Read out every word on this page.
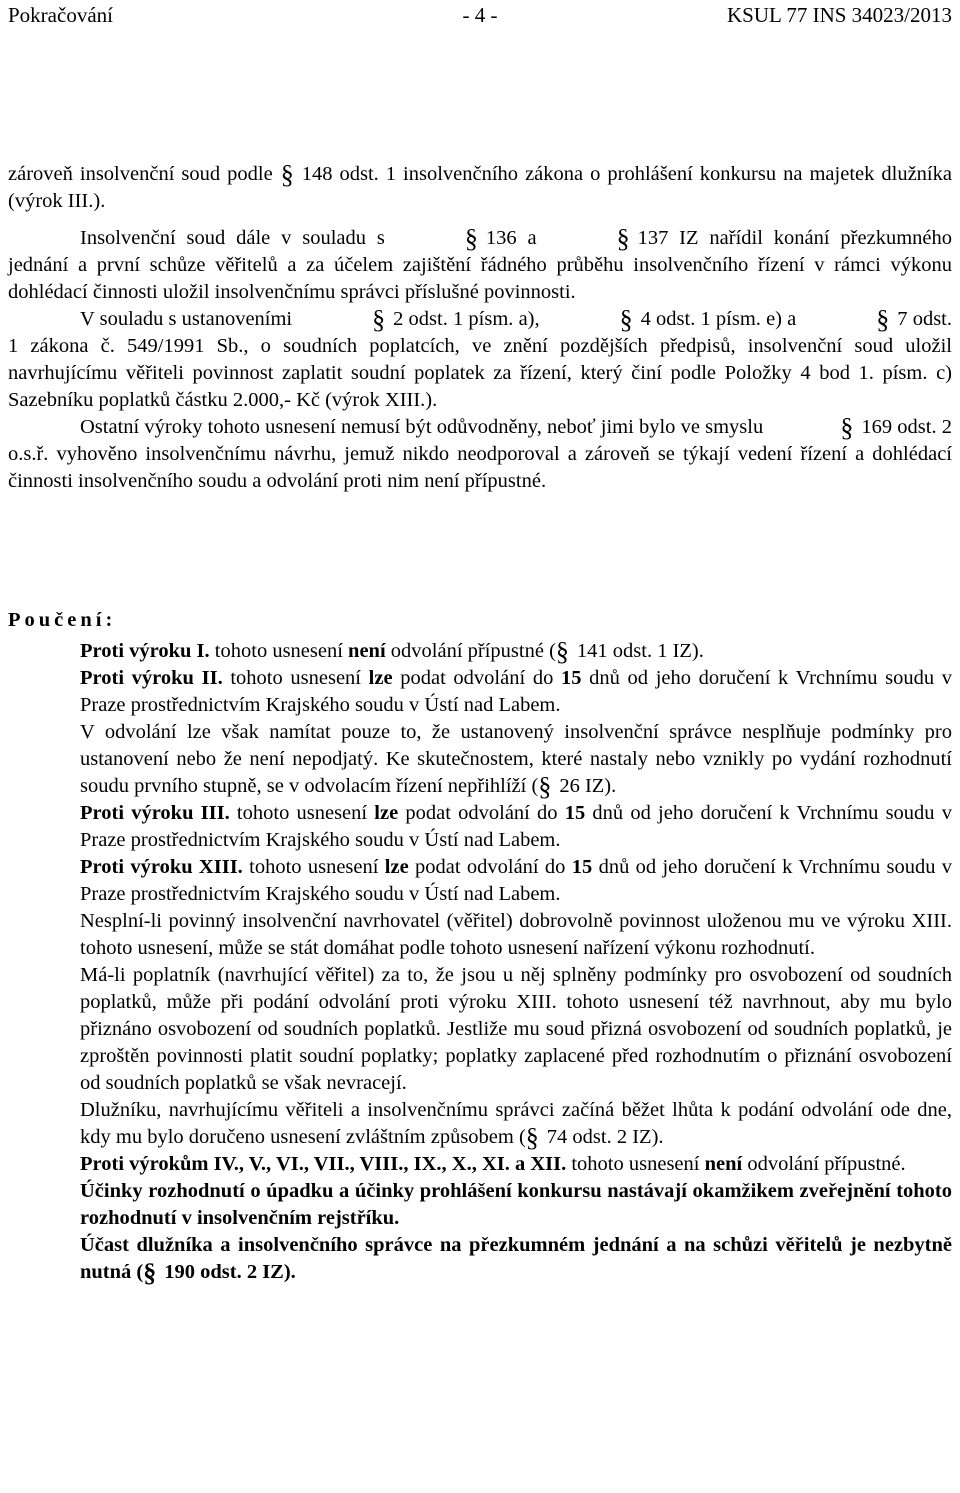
Pokračování	- 4 -	KSUL 77 INS 34023/2013

zároveň insolvenční soud podle § 148 odst. 1 insolvenčního zákona o prohlášení konkursu na majetek dlužníka (výrok III.).

Insolvenční soud dále v souladu s	§ 136 a	§ 137 IZ nařídil konání přezkumného jednání a první schůze věřitelů a za účelem zajištění řádného průběhu insolvenčního řízení v rámci výkonu dohlédací činnosti uložil insolvenčnímu správci příslušné povinnosti.

V souladu s ustanoveními	§ 2 odst. 1 písm. a),	§ 4 odst. 1 písm. e) a	§ 7 odst. 1 zákona č. 549/1991 Sb., o soudních poplatcích, ve znění pozdějších předpisů, insolvenční soud uložil navrhujícímu věřiteli povinnost zaplatit soudní poplatek za řízení, který činí podle Položky 4 bod 1. písm. c) Sazebníku poplatků částku 2.000,- Kč (výrok XIII.).

Ostatní výroky tohoto usnesení nemusí být odůvodněny, neboť jimi bylo ve smyslu	§ 169 odst. 2 o.s.ř. vyhověno insolvenčnímu návrhu, jemuž nikdo neodporoval a zároveň se týkají vedení řízení a dohlédací činnosti insolvenčního soudu a odvolání proti nim není přípustné.

Poučení:

Proti výroku I. tohoto usnesení není odvolání přípustné (§ 141 odst. 1 IZ).

Proti výroku II. tohoto usnesení lze podat odvolání do 15 dnů od jeho doručení k Vrchnímu soudu v Praze prostřednictvím Krajského soudu v Ústí nad Labem.

V odvolání lze však namítat pouze to, že ustanovený insolvenční správce nesplňuje podmínky pro ustanovení nebo že není nepodjatý. Ke skutečnostem, které nastaly nebo vznikly po vydání rozhodnutí soudu prvního stupně, se v odvolacím řízení nepřihlíží (§ 26 IZ).

Proti výroku III. tohoto usnesení lze podat odvolání do 15 dnů od jeho doručení k Vrchnímu soudu v Praze prostřednictvím Krajského soudu v Ústí nad Labem.

Proti výroku XIII. tohoto usnesení lze podat odvolání do 15 dnů od jeho doručení k Vrchnímu soudu v Praze prostřednictvím Krajského soudu v Ústí nad Labem.

Nesplní-li povinný insolvenční navrhovatel (věřitel) dobrovolně povinnost uloženou mu ve výroku XIII. tohoto usnesení, může se stát domáhat podle tohoto usnesení nařízení výkonu rozhodnutí.

Má-li poplatník (navrhující věřitel) za to, že jsou u něj splněny podmínky pro osvobození od soudních poplatků, může při podání odvolání proti výroku XIII. tohoto usnesení též navrhnout, aby mu bylo přiznáno osvobození od soudních poplatků. Jestliže mu soud přizná osvobození od soudních poplatků, je zproštěn povinnosti platit soudní poplatky; poplatky zaplacené před rozhodnutím o přiznání osvobození od soudních poplatků se však nevracejí.

Dlužníku, navrhujícímu věřiteli a insolvenčnímu správci začíná běžet lhůta k podání odvolání ode dne, kdy mu bylo doručeno usnesení zvláštním způsobem (§ 74 odst. 2 IZ).

Proti výrokům IV., V., VI., VII., VIII., IX., X., XI. a XII. tohoto usnesení není odvolání přípustné.

Účinky rozhodnutí o úpadku a účinky prohlášení konkursu nastávají okamžikem zveřejnění tohoto rozhodnutí v insolvenčním rejstříku.

Účast dlužníka a insolvenčního správce na přezkumném jednání a na schůzi věřitelů je nezbytně nutná (§ 190 odst. 2 IZ).
